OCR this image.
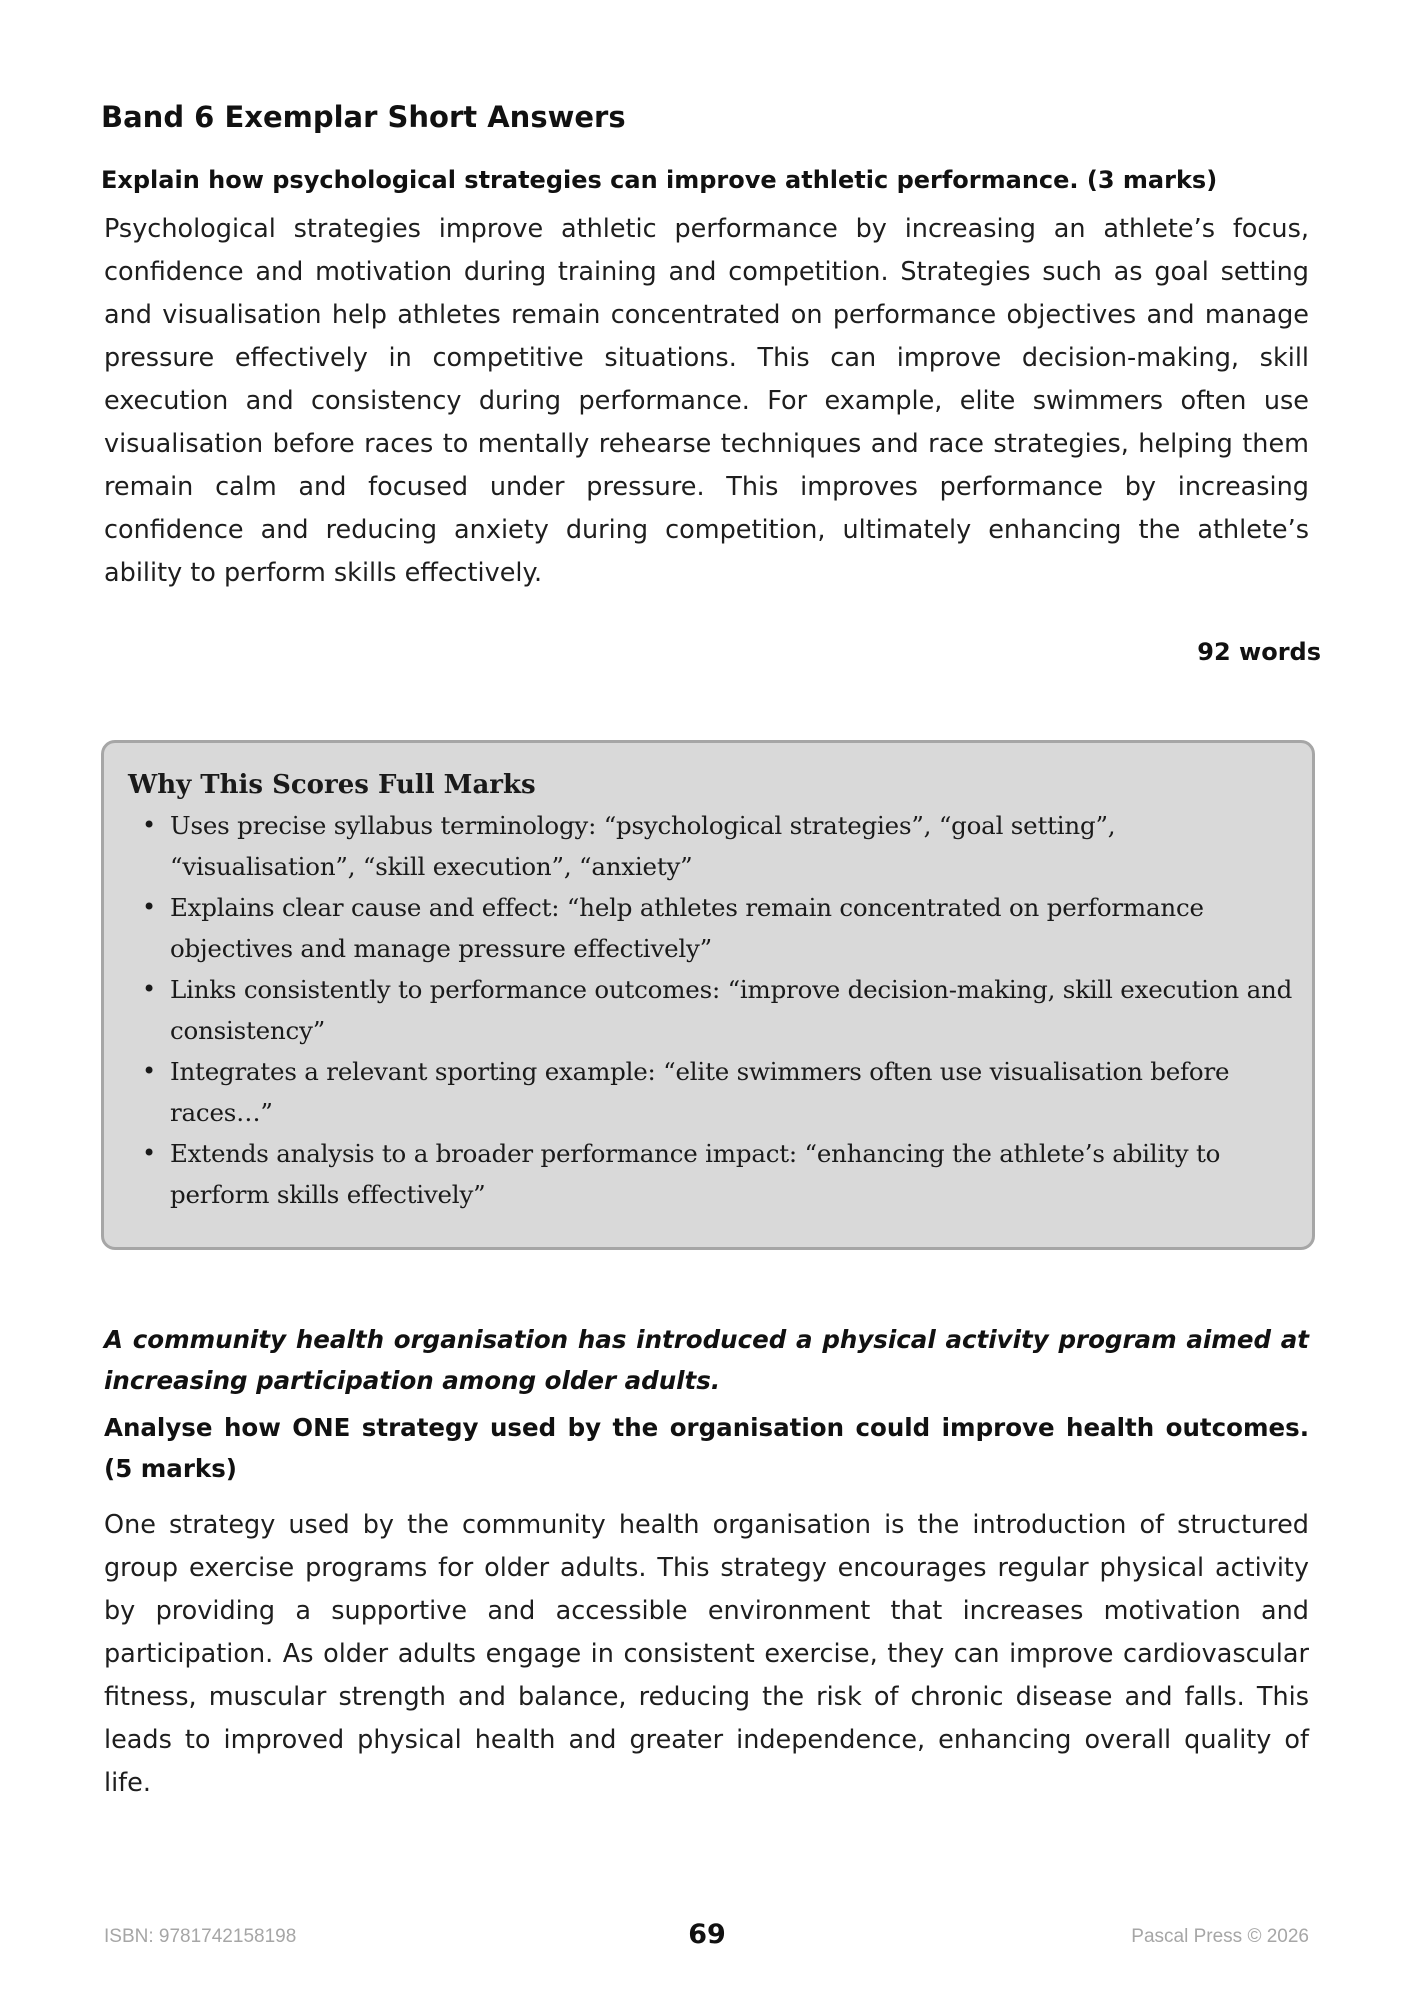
Band 6 Exemplar Short Answers
Explain how psychological strategies can improve athletic performance. (3 marks)
Psychological strategies improve athletic performance by increasing an athlete’s focus, confidence and motivation during training and competition. Strategies such as goal setting and visualisation help athletes remain concentrated on performance objectives and manage pressure effectively in competitive situations. This can improve decision-making, skill execution and consistency during performance. For example, elite swimmers often use visualisation before races to mentally rehearse techniques and race strategies, helping them remain calm and focused under pressure. This improves performance by increasing confidence and reducing anxiety during competition, ultimately enhancing the athlete’s ability to perform skills effectively.
92 words
Why This Scores Full Marks
• Uses precise syllabus terminology: “psychological strategies”, “goal setting”, “visualisation”, “skill execution”, “anxiety”
• Explains clear cause and effect: “help athletes remain concentrated on performance objectives and manage pressure effectively”
• Links consistently to performance outcomes: “improve decision-making, skill execution and consistency”
• Integrates a relevant sporting example: “elite swimmers often use visualisation before races…”
• Extends analysis to a broader performance impact: “enhancing the athlete’s ability to perform skills effectively”
A community health organisation has introduced a physical activity program aimed at increasing participation among older adults.
Analyse how ONE strategy used by the organisation could improve health outcomes. (5 marks)
One strategy used by the community health organisation is the introduction of structured group exercise programs for older adults. This strategy encourages regular physical activity by providing a supportive and accessible environment that increases motivation and participation. As older adults engage in consistent exercise, they can improve cardiovascular fitness, muscular strength and balance, reducing the risk of chronic disease and falls. This leads to improved physical health and greater independence, enhancing overall quality of life.
ISBN: 9781742158198	69	Pascal Press © 2026
